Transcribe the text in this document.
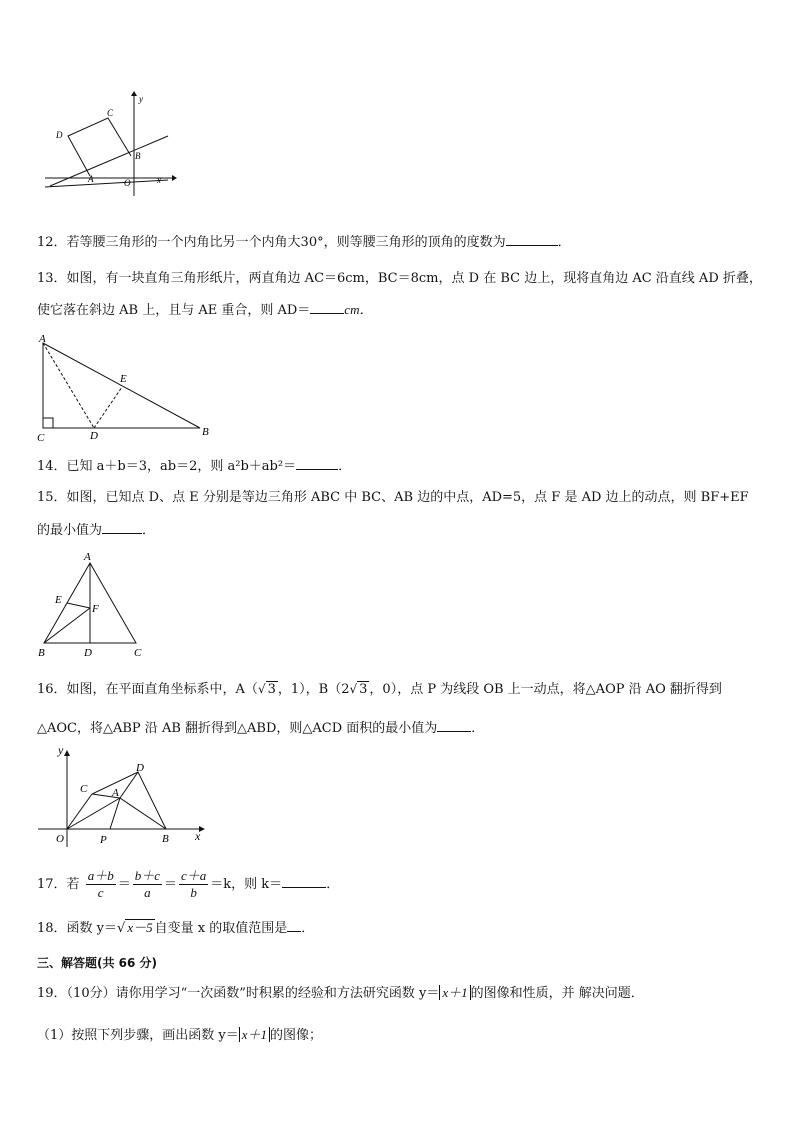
C
D
A
B
O
y
x
12．若等腰三角形的一个内角比另一个内角大30°，则等腰三角形的顶角的度数为	．
13．如图，有一块直角三角形纸片，两直角边 AC＝6cm，BC＝8cm，点 D 在 BC 边上，现将直角边 AC 沿直线 AD 折叠，
使它落在斜边 AB 上，且与 AE 重合，则 AD＝	cm．
A
C	D
E
B
14．已知 a＋b＝3，ab＝2，则 a²b＋ab²＝	．
15．如图，已知点 D、点 E 分别是等边三角形 ABC 中 BC、AB 边的中点，AD=5，点 F 是 AD 边上的动点，则 BF+EF
的最小值为	．
A
E
F
B	D	C
16．如图，在平面直角坐标系中，A（√ 3 ，1），B（2√ 3 ，0），点 P 为线段 OB 上一动点，将△AOP 沿 AO 翻折得到
△AOC，将△ABP 沿 AB 翻折得到△ABD，则△ACD 面积的最小值为	．
y
D
C A
O	P	B x
17．若 $\frac{a+b}{c} = \frac{b+c}{a} = \frac{c+a}{b} =k$，则 k＝	．
18．函数 y＝√ x－5 自变量 x 的取值范围是 ．
三、解答题(共 66 分)
19．（10分）请你用学习“一次函数”时积累的经验和方法研究函数 y＝ x＋1 的图像和性质，并 解决问题．
（1）按照下列步骤，画出函数 y＝ x＋1 的图像；
